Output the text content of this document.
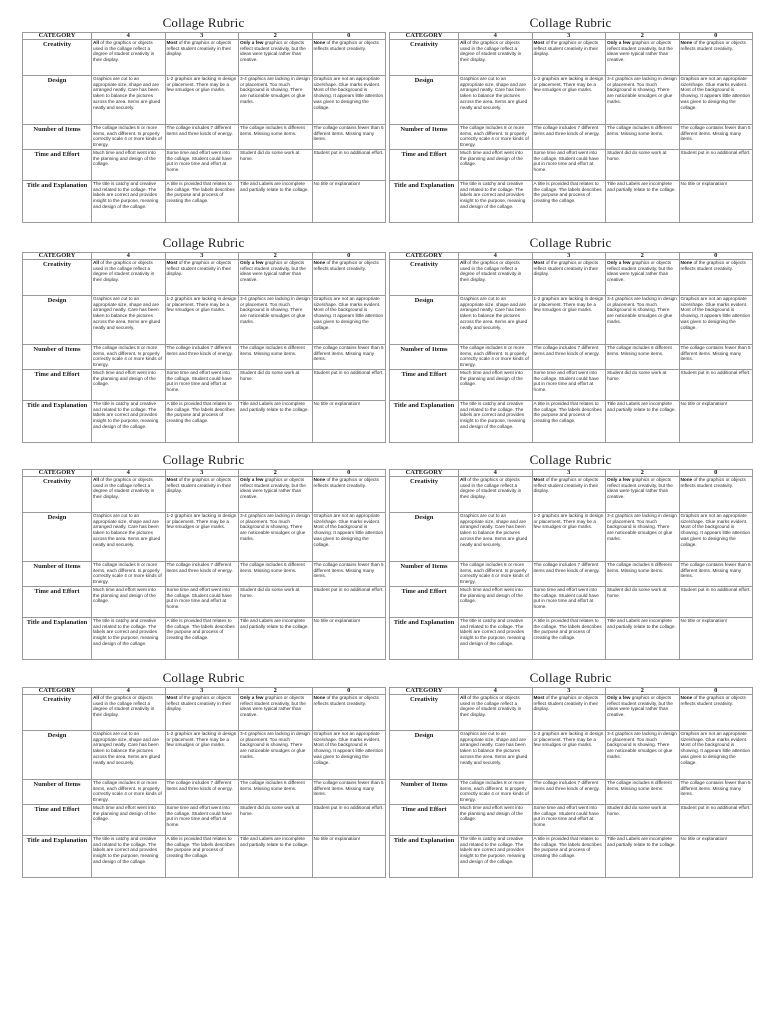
Collage Rubric
CATEGORY	4	3	2	0
Creativity	All of the graphics or objects used in the collage reflect a degree of student creativity in their display.	Most of the graphics or objects reflect student creativity in their display.	Only a few graphics or objects reflect student creativity, but the ideas were typical rather than creative.	None of the graphics or objects reflects student creativity.
Design	Graphics are cut to an appropriate size, shape and are arranged neatly. Care has been taken to balance the pictures across the area. Items are glued neatly and securely.	1-2 graphics are lacking in design or placement. There may be a few smudges or glue marks.	3-4 graphics are lacking in design or placement. Too much background is showing. There are noticeable smudges or glue marks.	Graphics are not an appropriate size/shape. Glue marks evident. Most of the background is showing. It appears little attention was given to designing the collage.
Number of Items	The collage includes 8 or more items, each different. Is properly correctly scale 4 or more kinds of Energy.	The collage includes 7 different items and three kinds of energy.	The collage includes 6 different items. Missing some items.	The collage contains fewer than 5 different items. Missing many items.
Time and Effort	Much time and effort went into the planning and design of the collage.	Some time and effort went into the collage. Student could have put in more time and effort at home.	Student did do some work at home.	Student put in no additional effort.
Title and Explanation	The title is catchy and creative and related to the collage. The labels are correct and provides insight to the purpose, meaning and design of the collage.	A title is provided that relates to the collage. The labels describes the purpose and process of creating the collage.	Title and Labels are incomplete and partially relate to the collage.	No title or explanation!
Collage Rubric
CATEGORY	4	3	2	0
Creativity	All of the graphics or objects used in the collage reflect a degree of student creativity in their display.	Most of the graphics or objects reflect student creativity in their display.	Only a few graphics or objects reflect student creativity, but the ideas were typical rather than creative.	None of the graphics or objects reflects student creativity.
Design	Graphics are cut to an appropriate size, shape and are arranged neatly. Care has been taken to balance the pictures across the area. Items are glued neatly and securely.	1-2 graphics are lacking in design or placement. There may be a few smudges or glue marks.	3-4 graphics are lacking in design or placement. Too much background is showing. There are noticeable smudges or glue marks.	Graphics are not an appropriate size/shape. Glue marks evident. Most of the background is showing. It appears little attention was given to designing the collage.
Number of Items	The collage includes 8 or more items, each different. Is properly correctly scale 4 or more kinds of Energy.	The collage includes 7 different items and three kinds of energy.	The collage includes 6 different items. Missing some items.	The collage contains fewer than 5 different items. Missing many items.
Time and Effort	Much time and effort went into the planning and design of the collage.	Some time and effort went into the collage. Student could have put in more time and effort at home.	Student did do some work at home.	Student put in no additional effort.
Title and Explanation	The title is catchy and creative and related to the collage. The labels are correct and provides insight to the purpose, meaning and design of the collage.	A title is provided that relates to the collage. The labels describes the purpose and process of creating the collage.	Title and Labels are incomplete and partially relate to the collage.	No title or explanation!
Collage Rubric
CATEGORY	4	3	2	0
Creativity	All of the graphics or objects used in the collage reflect a degree of student creativity in their display.	Most of the graphics or objects reflect student creativity in their display.	Only a few graphics or objects reflect student creativity, but the ideas were typical rather than creative.	None of the graphics or objects reflects student creativity.
Design	Graphics are cut to an appropriate size, shape and are arranged neatly. Care has been taken to balance the pictures across the area. Items are glued neatly and securely.	1-2 graphics are lacking in design or placement. There may be a few smudges or glue marks.	3-4 graphics are lacking in design or placement. Too much background is showing. There are noticeable smudges or glue marks.	Graphics are not an appropriate size/shape. Glue marks evident. Most of the background is showing. It appears little attention was given to designing the collage.
Number of Items	The collage includes 8 or more items, each different. Is properly correctly scale 4 or more kinds of Energy.	The collage includes 7 different items and three kinds of energy.	The collage includes 6 different items. Missing some items.	The collage contains fewer than 5 different items. Missing many items.
Time and Effort	Much time and effort went into the planning and design of the collage.	Some time and effort went into the collage. Student could have put in more time and effort at home.	Student did do some work at home.	Student put in no additional effort.
Title and Explanation	The title is catchy and creative and related to the collage. The labels are correct and provides insight to the purpose, meaning and design of the collage.	A title is provided that relates to the collage. The labels describes the purpose and process of creating the collage.	Title and Labels are incomplete and partially relate to the collage.	No title or explanation!
Collage Rubric
CATEGORY	4	3	2	0
Creativity	All of the graphics or objects used in the collage reflect a degree of student creativity in their display.	Most of the graphics or objects reflect student creativity in their display.	Only a few graphics or objects reflect student creativity, but the ideas were typical rather than creative.	None of the graphics or objects reflects student creativity.
Design	Graphics are cut to an appropriate size, shape and are arranged neatly. Care has been taken to balance the pictures across the area. Items are glued neatly and securely.	1-2 graphics are lacking in design or placement. There may be a few smudges or glue marks.	3-4 graphics are lacking in design or placement. Too much background is showing. There are noticeable smudges or glue marks.	Graphics are not an appropriate size/shape. Glue marks evident. Most of the background is showing. It appears little attention was given to designing the collage.
Number of Items	The collage includes 8 or more items, each different. Is properly correctly scale 4 or more kinds of Energy.	The collage includes 7 different items and three kinds of energy.	The collage includes 6 different items. Missing some items.	The collage contains fewer than 5 different items. Missing many items.
Time and Effort	Much time and effort went into the planning and design of the collage.	Some time and effort went into the collage. Student could have put in more time and effort at home.	Student did do some work at home.	Student put in no additional effort.
Title and Explanation	The title is catchy and creative and related to the collage. The labels are correct and provides insight to the purpose, meaning and design of the collage.	A title is provided that relates to the collage. The labels describes the purpose and process of creating the collage.	Title and Labels are incomplete and partially relate to the collage.	No title or explanation!
Collage Rubric
CATEGORY	4	3	2	0
Creativity	All of the graphics or objects used in the collage reflect a degree of student creativity in their display.	Most of the graphics or objects reflect student creativity in their display.	Only a few graphics or objects reflect student creativity, but the ideas were typical rather than creative.	None of the graphics or objects reflects student creativity.
Design	Graphics are cut to an appropriate size, shape and are arranged neatly. Care has been taken to balance the pictures across the area. Items are glued neatly and securely.	1-2 graphics are lacking in design or placement. There may be a few smudges or glue marks.	3-4 graphics are lacking in design or placement. Too much background is showing. There are noticeable smudges or glue marks.	Graphics are not an appropriate size/shape. Glue marks evident. Most of the background is showing. It appears little attention was given to designing the collage.
Number of Items	The collage includes 8 or more items, each different. Is properly correctly scale 4 or more kinds of Energy.	The collage includes 7 different items and three kinds of energy.	The collage includes 6 different items. Missing some items.	The collage contains fewer than 5 different items. Missing many items.
Time and Effort	Much time and effort went into the planning and design of the collage.	Some time and effort went into the collage. Student could have put in more time and effort at home.	Student did do some work at home.	Student put in no additional effort.
Title and Explanation	The title is catchy and creative and related to the collage. The labels are correct and provides insight to the purpose, meaning and design of the collage.	A title is provided that relates to the collage. The labels describes the purpose and process of creating the collage.	Title and Labels are incomplete and partially relate to the collage.	No title or explanation!
Collage Rubric
CATEGORY	4	3	2	0
Creativity	All of the graphics or objects used in the collage reflect a degree of student creativity in their display.	Most of the graphics or objects reflect student creativity in their display.	Only a few graphics or objects reflect student creativity, but the ideas were typical rather than creative.	None of the graphics or objects reflects student creativity.
Design	Graphics are cut to an appropriate size, shape and are arranged neatly. Care has been taken to balance the pictures across the area. Items are glued neatly and securely.	1-2 graphics are lacking in design or placement. There may be a few smudges or glue marks.	3-4 graphics are lacking in design or placement. Too much background is showing. There are noticeable smudges or glue marks.	Graphics are not an appropriate size/shape. Glue marks evident. Most of the background is showing. It appears little attention was given to designing the collage.
Number of Items	The collage includes 8 or more items, each different. Is properly correctly scale 4 or more kinds of Energy.	The collage includes 7 different items and three kinds of energy.	The collage includes 6 different items. Missing some items.	The collage contains fewer than 5 different items. Missing many items.
Time and Effort	Much time and effort went into the planning and design of the collage.	Some time and effort went into the collage. Student could have put in more time and effort at home.	Student did do some work at home.	Student put in no additional effort.
Title and Explanation	The title is catchy and creative and related to the collage. The labels are correct and provides insight to the purpose, meaning and design of the collage.	A title is provided that relates to the collage. The labels describes the purpose and process of creating the collage.	Title and Labels are incomplete and partially relate to the collage.	No title or explanation!
Collage Rubric
CATEGORY	4	3	2	0
Creativity	All of the graphics or objects used in the collage reflect a degree of student creativity in their display.	Most of the graphics or objects reflect student creativity in their display.	Only a few graphics or objects reflect student creativity, but the ideas were typical rather than creative.	None of the graphics or objects reflects student creativity.
Design	Graphics are cut to an appropriate size, shape and are arranged neatly. Care has been taken to balance the pictures across the area. Items are glued neatly and securely.	1-2 graphics are lacking in design or placement. There may be a few smudges or glue marks.	3-4 graphics are lacking in design or placement. Too much background is showing. There are noticeable smudges or glue marks.	Graphics are not an appropriate size/shape. Glue marks evident. Most of the background is showing. It appears little attention was given to designing the collage.
Number of Items	The collage includes 8 or more items, each different. Is properly correctly scale 4 or more kinds of Energy.	The collage includes 7 different items and three kinds of energy.	The collage includes 6 different items. Missing some items.	The collage contains fewer than 5 different items. Missing many items.
Time and Effort	Much time and effort went into the planning and design of the collage.	Some time and effort went into the collage. Student could have put in more time and effort at home.	Student did do some work at home.	Student put in no additional effort.
Title and Explanation	The title is catchy and creative and related to the collage. The labels are correct and provides insight to the purpose, meaning and design of the collage.	A title is provided that relates to the collage. The labels describes the purpose and process of creating the collage.	Title and Labels are incomplete and partially relate to the collage.	No title or explanation!
Collage Rubric
CATEGORY	4	3	2	0
Creativity	All of the graphics or objects used in the collage reflect a degree of student creativity in their display.	Most of the graphics or objects reflect student creativity in their display.	Only a few graphics or objects reflect student creativity, but the ideas were typical rather than creative.	None of the graphics or objects reflects student creativity.
Design	Graphics are cut to an appropriate size, shape and are arranged neatly. Care has been taken to balance the pictures across the area. Items are glued neatly and securely.	1-2 graphics are lacking in design or placement. There may be a few smudges or glue marks.	3-4 graphics are lacking in design or placement. Too much background is showing. There are noticeable smudges or glue marks.	Graphics are not an appropriate size/shape. Glue marks evident. Most of the background is showing. It appears little attention was given to designing the collage.
Number of Items	The collage includes 8 or more items, each different. Is properly correctly scale 4 or more kinds of Energy.	The collage includes 7 different items and three kinds of energy.	The collage includes 6 different items. Missing some items.	The collage contains fewer than 5 different items. Missing many items.
Time and Effort	Much time and effort went into the planning and design of the collage.	Some time and effort went into the collage. Student could have put in more time and effort at home.	Student did do some work at home.	Student put in no additional effort.
Title and Explanation	The title is catchy and creative and related to the collage. The labels are correct and provides insight to the purpose, meaning and design of the collage.	A title is provided that relates to the collage. The labels describes the purpose and process of creating the collage.	Title and Labels are incomplete and partially relate to the collage.	No title or explanation!
